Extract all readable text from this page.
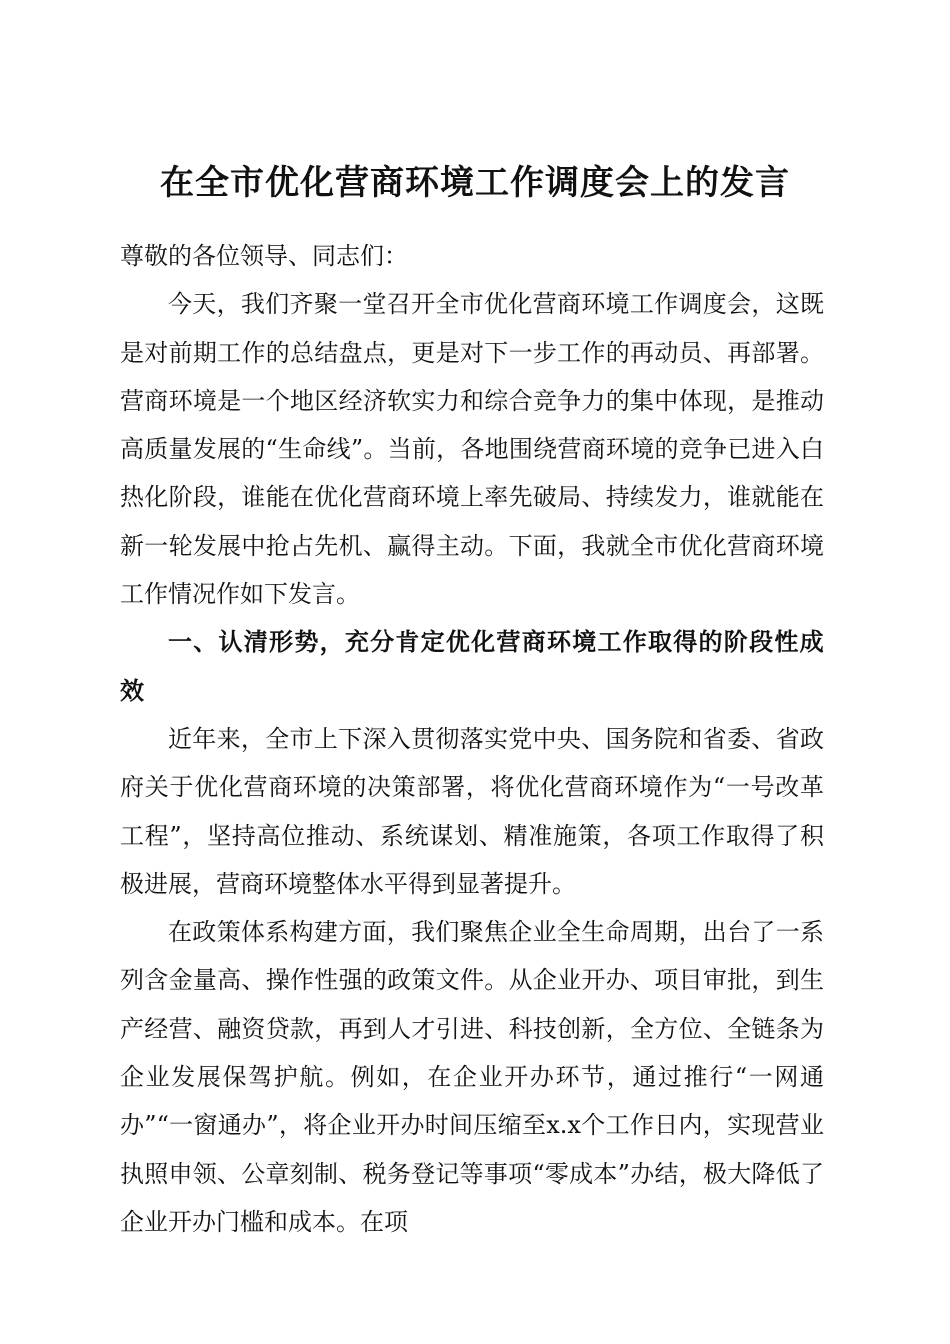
在全市优化营商环境工作调度会上的发言

尊敬的各位领导、同志们：

今天，我们齐聚一堂召开全市优化营商环境工作调度会，这既是对前期工作的总结盘点，更是对下一步工作的再动员、再部署。营商环境是一个地区经济软实力和综合竞争力的集中体现，是推动高质量发展的“生命线”。当前，各地围绕营商环境的竞争已进入白热化阶段，谁能在优化营商环境上率先破局、持续发力，谁就能在新一轮发展中抢占先机、赢得主动。下面，我就全市优化营商环境工作情况作如下发言。

一、认清形势，充分肯定优化营商环境工作取得的阶段性成效

近年来，全市上下深入贯彻落实党中央、国务院和省委、省政府关于优化营商环境的决策部署，将优化营商环境作为“一号改革工程”，坚持高位推动、系统谋划、精准施策，各项工作取得了积极进展，营商环境整体水平得到显著提升。

在政策体系构建方面，我们聚焦企业全生命周期，出台了一系列含金量高、操作性强的政策文件。从企业开办、项目审批，到生产经营、融资贷款，再到人才引进、科技创新，全方位、全链条为企业发展保驾护航。例如，在企业开办环节，通过推行“一网通办”“一窗通办”，将企业开办时间压缩至x.x个工作日内，实现营业执照申领、公章刻制、税务登记等事项“零成本”办结，极大降低了企业开办门槛和成本。在项
